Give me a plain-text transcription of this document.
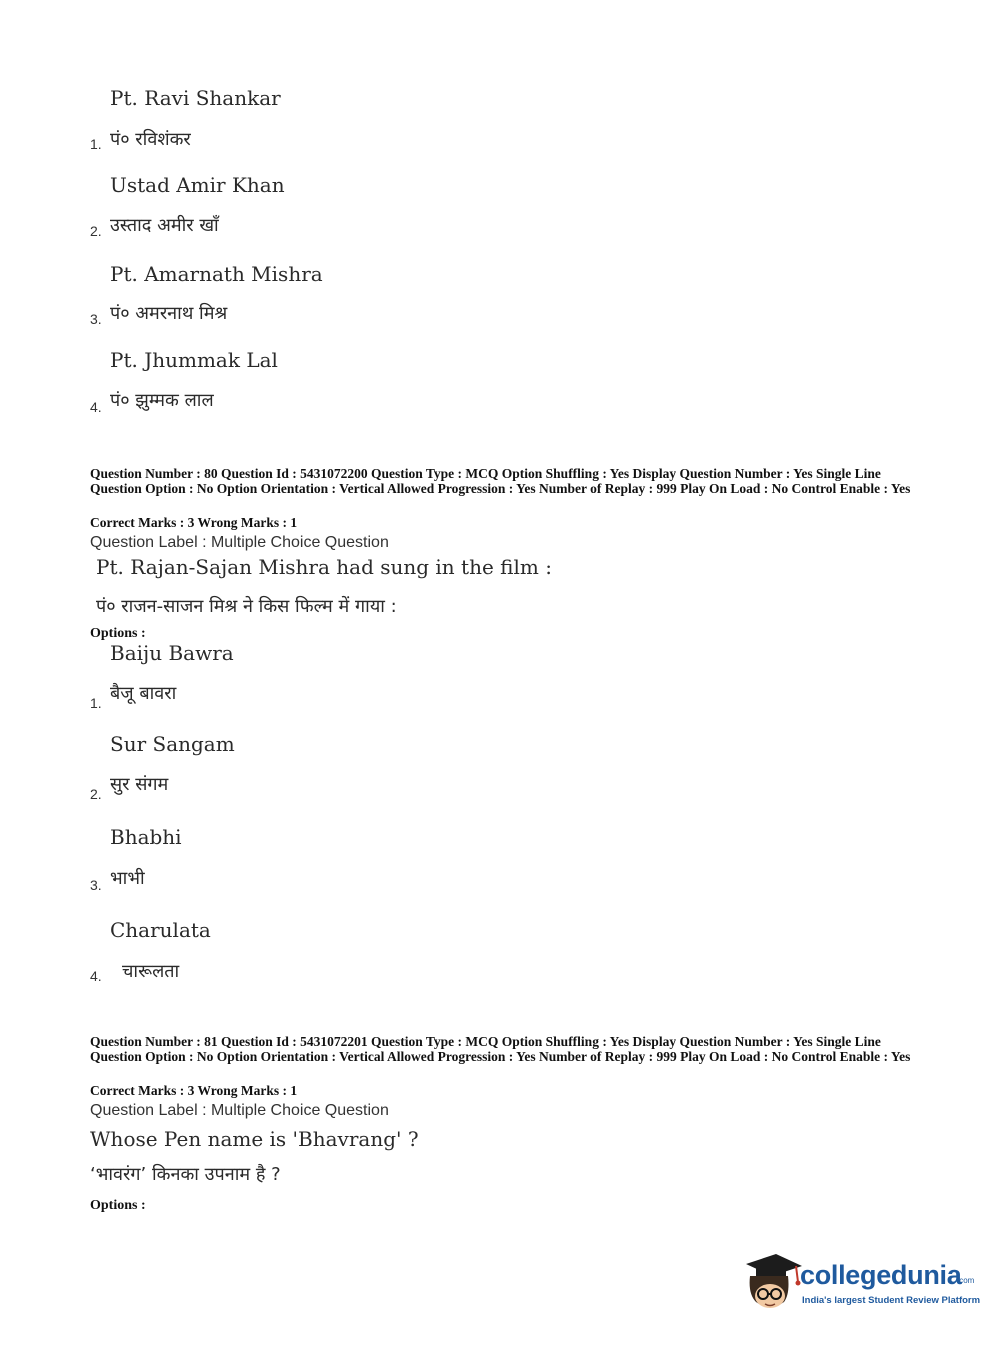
Pt. Ravi Shankar
1. पं० रविशंकर
Ustad Amir Khan
2. उस्ताद अमीर खाँ
Pt. Amarnath Mishra
3. पं० अमरनाथ मिश्र
Pt. Jhummak Lal
4. पं० झुम्मक लाल
Question Number : 80 Question Id : 5431072200 Question Type : MCQ Option Shuffling : Yes Display Question Number : Yes Single Line Question Option : No Option Orientation : Vertical Allowed Progression : Yes Number of Replay : 999 Play On Load : No Control Enable : Yes
Correct Marks : 3 Wrong Marks : 1
Question Label : Multiple Choice Question
Pt. Rajan-Sajan Mishra had sung in the film :
पं० राजन-साजन मिश्र ने किस फिल्म में गाया :
Options :
Baiju Bawra
1. बैजू बावरा
Sur Sangam
2. सुर संगम
Bhabhi
3. भाभी
Charulata
4. चारूलता
Question Number : 81 Question Id : 5431072201 Question Type : MCQ Option Shuffling : Yes Display Question Number : Yes Single Line Question Option : No Option Orientation : Vertical Allowed Progression : Yes Number of Replay : 999 Play On Load : No Control Enable : Yes
Correct Marks : 3 Wrong Marks : 1
Question Label : Multiple Choice Question
Whose Pen name is 'Bhavrang' ?
‘भावरंग’ किनका उपनाम है ?
Options :
collegedunia
.com
India's largest Student Review Platform
